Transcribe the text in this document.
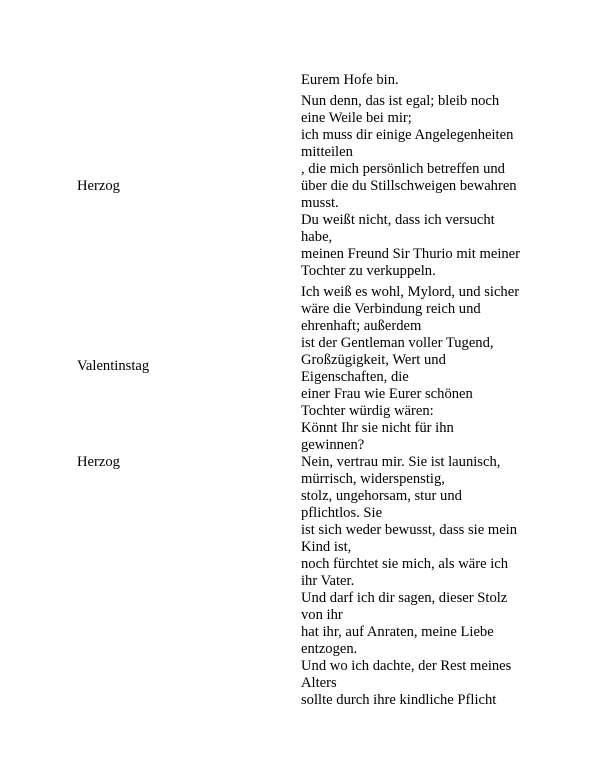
Eurem Hofe bin.
Herzog
Nun denn, das ist egal; bleib noch
eine Weile bei mir;
ich muss dir einige Angelegenheiten
mitteilen
, die mich persönlich betreffen und
über die du Stillschweigen bewahren
musst.
Du weißt nicht, dass ich versucht
habe,
meinen Freund Sir Thurio mit meiner
Tochter zu verkuppeln.
Valentinstag
Ich weiß es wohl, Mylord, und sicher
wäre die Verbindung reich und
ehrenhaft; außerdem
ist der Gentleman voller Tugend,
Großzügigkeit, Wert und
Eigenschaften, die
einer Frau wie Eurer schönen
Tochter würdig wären:
Könnt Ihr sie nicht für ihn
gewinnen?
Herzog	Nein, vertrau mir. Sie ist launisch,
mürrisch, widerspenstig,
stolz, ungehorsam, stur und
pflichtlos. Sie
ist sich weder bewusst, dass sie mein
Kind ist,
noch fürchtet sie mich, als wäre ich
ihr Vater.
Und darf ich dir sagen, dieser Stolz
von ihr
hat ihr, auf Anraten, meine Liebe
entzogen.
Und wo ich dachte, der Rest meines
Alters
sollte durch ihre kindliche Pflicht
